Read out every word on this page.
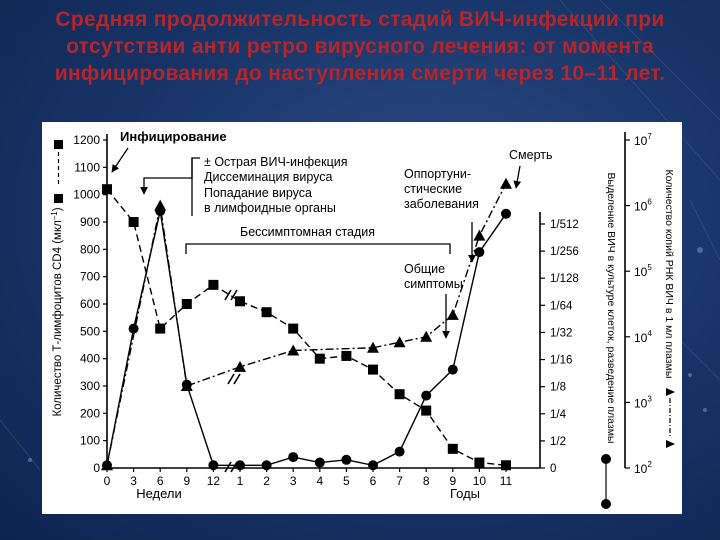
Средняя продолжительность стадий ВИЧ-инфекции при отсутствии анти ретро вирусного лечения: от момента инфицирования до наступления смерти через 10–11 лет.
0 3 6 9 12 1 2 3 4 5 6 7 8 9 10 11
0
100
200
300
400
500
600
700
800
900
1000
1100
1200
0
1/2
1/4
1/8
1/16
1/32
1/64
1/128
1/256
1/512
$10^2$
$10^3$
$10^4$
$10^5$
$10^6$
$10^7$
Недели	Годы
Количество Т-лимфоцитов CD4 (мкл$^{-1}$)	Выделение ВИЧ в культуре клеток, разведение плазмы	Количество копий РНК ВИЧ в 1 мл плазмы
Инфицирование
± Острая ВИЧ-инфекция
Диссеминация вируса
Попадание вируса
в лимфоидные органы
Оппортуни-
стические
заболевания
Смерть
Бессимптомная стадия
Общие
симптомы
